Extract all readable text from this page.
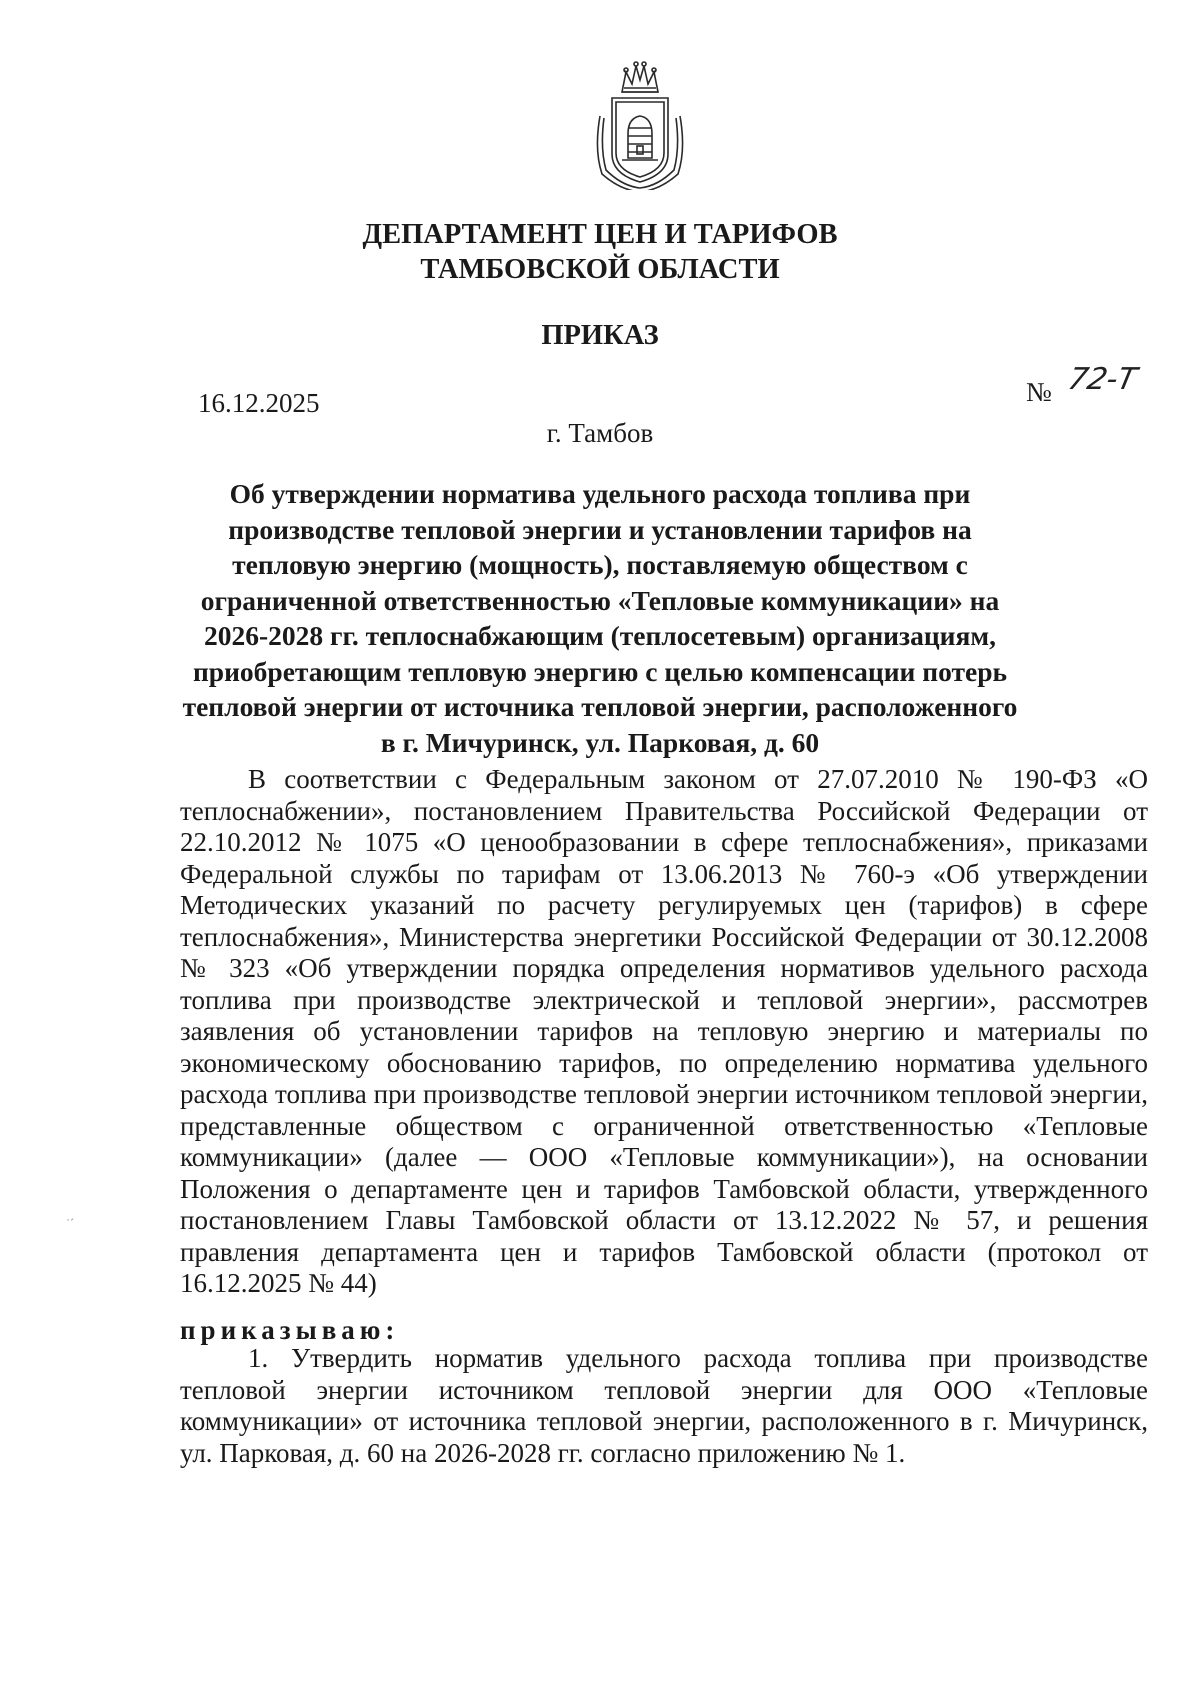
ДЕПАРТАМЕНТ ЦЕН И ТАРИФОВ
ТАМБОВСКОЙ ОБЛАСТИ
ПРИКАЗ
16.12.2025	№ 72-Т
г. Тамбов
Об утверждении норматива удельного расхода топлива при производстве тепловой энергии и установлении тарифов на тепловую энергию (мощность), поставляемую обществом с ограниченной ответственностью «Тепловые коммуникации» на 2026-2028 гг. теплоснабжающим (теплосетевым) организациям, приобретающим тепловую энергию с целью компенсации потерь тепловой энергии от источника тепловой энергии, расположенного в г. Мичуринск, ул. Парковая, д. 60
В соответствии с Федеральным законом от 27.07.2010 № 190-ФЗ «О теплоснабжении», постановлением Правительства Российской Федерации от 22.10.2012 № 1075 «О ценообразовании в сфере теплоснабжения», приказами Федеральной службы по тарифам от 13.06.2013 № 760-э «Об утверждении Методических указаний по расчету регулируемых цен (тарифов) в сфере теплоснабжения», Министерства энергетики Российской Федерации от 30.12.2008 № 323 «Об утверждении порядка определения нормативов удельного расхода топлива при производстве электрической и тепловой энергии», рассмотрев заявления об установлении тарифов на тепловую энергию и материалы по экономическому обоснованию тарифов, по определению норматива удельного расхода топлива при производстве тепловой энергии источником тепловой энергии, представленные обществом с ограниченной ответственностью «Тепловые коммуникации» (далее — ООО «Тепловые коммуникации»), на основании Положения о департаменте цен и тарифов Тамбовской области, утвержденного постановлением Главы Тамбовской области от 13.12.2022 № 57, и решения правления департамента цен и тарифов Тамбовской области (протокол от 16.12.2025 № 44)
приказываю:
1. Утвердить норматив удельного расхода топлива при производстве тепловой энергии источником тепловой энергии для ООО «Тепловые коммуникации» от источника тепловой энергии, расположенного в г. Мичуринск, ул. Парковая, д. 60 на 2026-2028 гг. согласно приложению № 1.
˙ˊ
